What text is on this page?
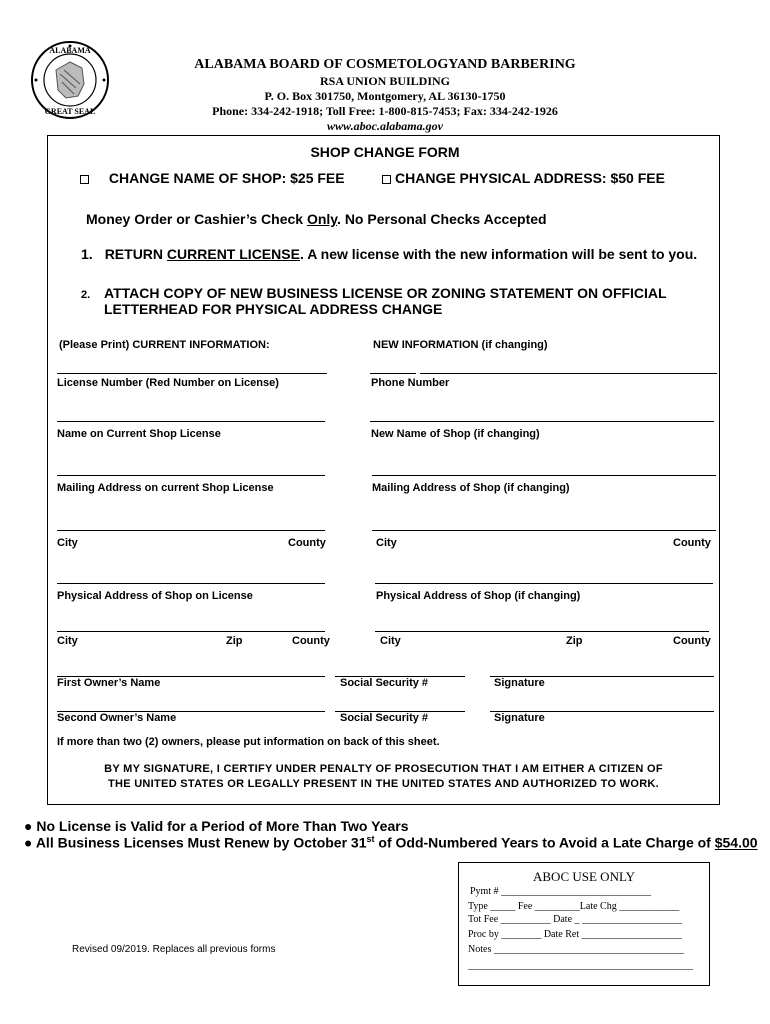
ALABAMA
GREAT SEAL
ALABAMA BOARD OF COSMETOLOGYAND BARBERING
RSA UNION BUILDING
P. O. Box 301750, Montgomery, AL 36130-1750
Phone: 334-242-1918; Toll Free: 1-800-815-7453; Fax: 334-242-1926
www.aboc.alabama.gov
SHOP CHANGE FORM
CHANGE NAME OF SHOP: $25 FEE	CHANGE PHYSICAL ADDRESS: $50 FEE
Money Order or Cashier’s Check Only. No Personal Checks Accepted
1. RETURN CURRENT LICENSE. A new license with the new information will be sent to you.
2. ATTACH COPY OF NEW BUSINESS LICENSE OR ZONING STATEMENT ON OFFICIAL
LETTERHEAD FOR PHYSICAL ADDRESS CHANGE
(Please Print) CURRENT INFORMATION:	NEW INFORMATION (if changing)
License Number (Red Number on License)	Phone Number
Name on Current Shop License	New Name of Shop (if changing)
Mailing Address on current Shop License	Mailing Address of Shop (if changing)
City	County	City	County
Physical Address of Shop on License	Physical Address of Shop (if changing)
City	Zip	County	City	Zip	County
First Owner’s Name	Social Security #	Signature
Second Owner’s Name	Social Security #	Signature
If more than two (2) owners, please put information on back of this sheet.
BY MY SIGNATURE, I CERTIFY UNDER PENALTY OF PROSECUTION THAT I AM EITHER A CITIZEN OF
THE UNITED STATES OR LEGALLY PRESENT IN THE UNITED STATES AND AUTHORIZED TO WORK.
● No License is Valid for a Period of More Than Two Years
● All Business Licenses Must Renew by October 31st of Odd-Numbered Years to Avoid a Late Charge of $54.00
Revised 09/2019. Replaces all previous forms
ABOC USE ONLY
Pymt # ______________________________
Type _____ Fee _________Late Chg ____________
Tot Fee __________ Date _ ____________________
Proc by ________ Date Ret ____________________
Notes ______________________________________
_____________________________________________
